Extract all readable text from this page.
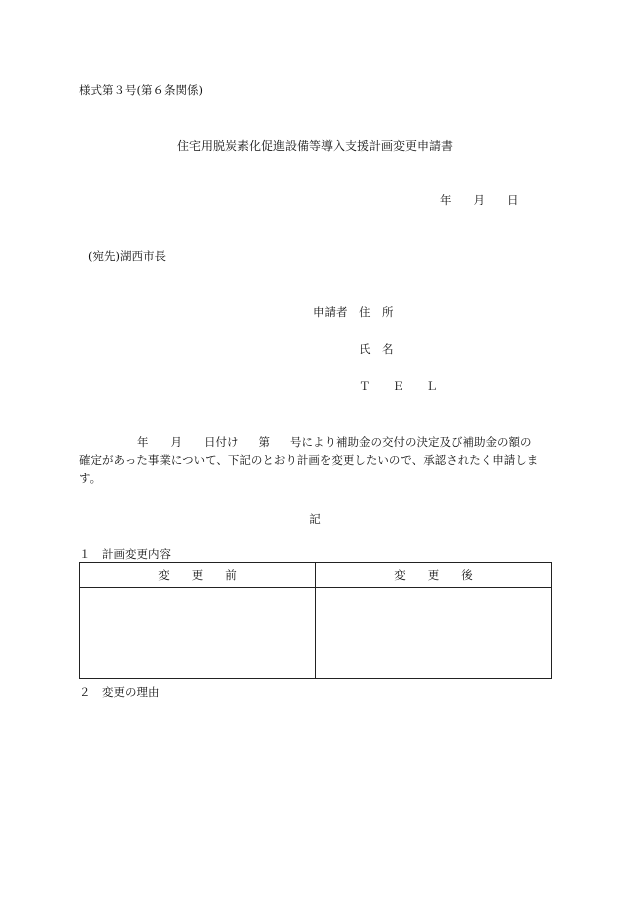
様式第３号(第６条関係)
住宅用脱炭素化促進設備等導入支援計画変更申請書
年 月 日
(宛先)湖西市長
申請者 住　所
氏　名
ＴＥＬ
年 月 日付け 第 号により補助金の交付の決定及び補助金の額の
確定があった事業について、下記のとおり計画を変更したいので、承認されたく申請しま
す。
記
１　計画変更内容
変更前	変更後

２　変更の理由
